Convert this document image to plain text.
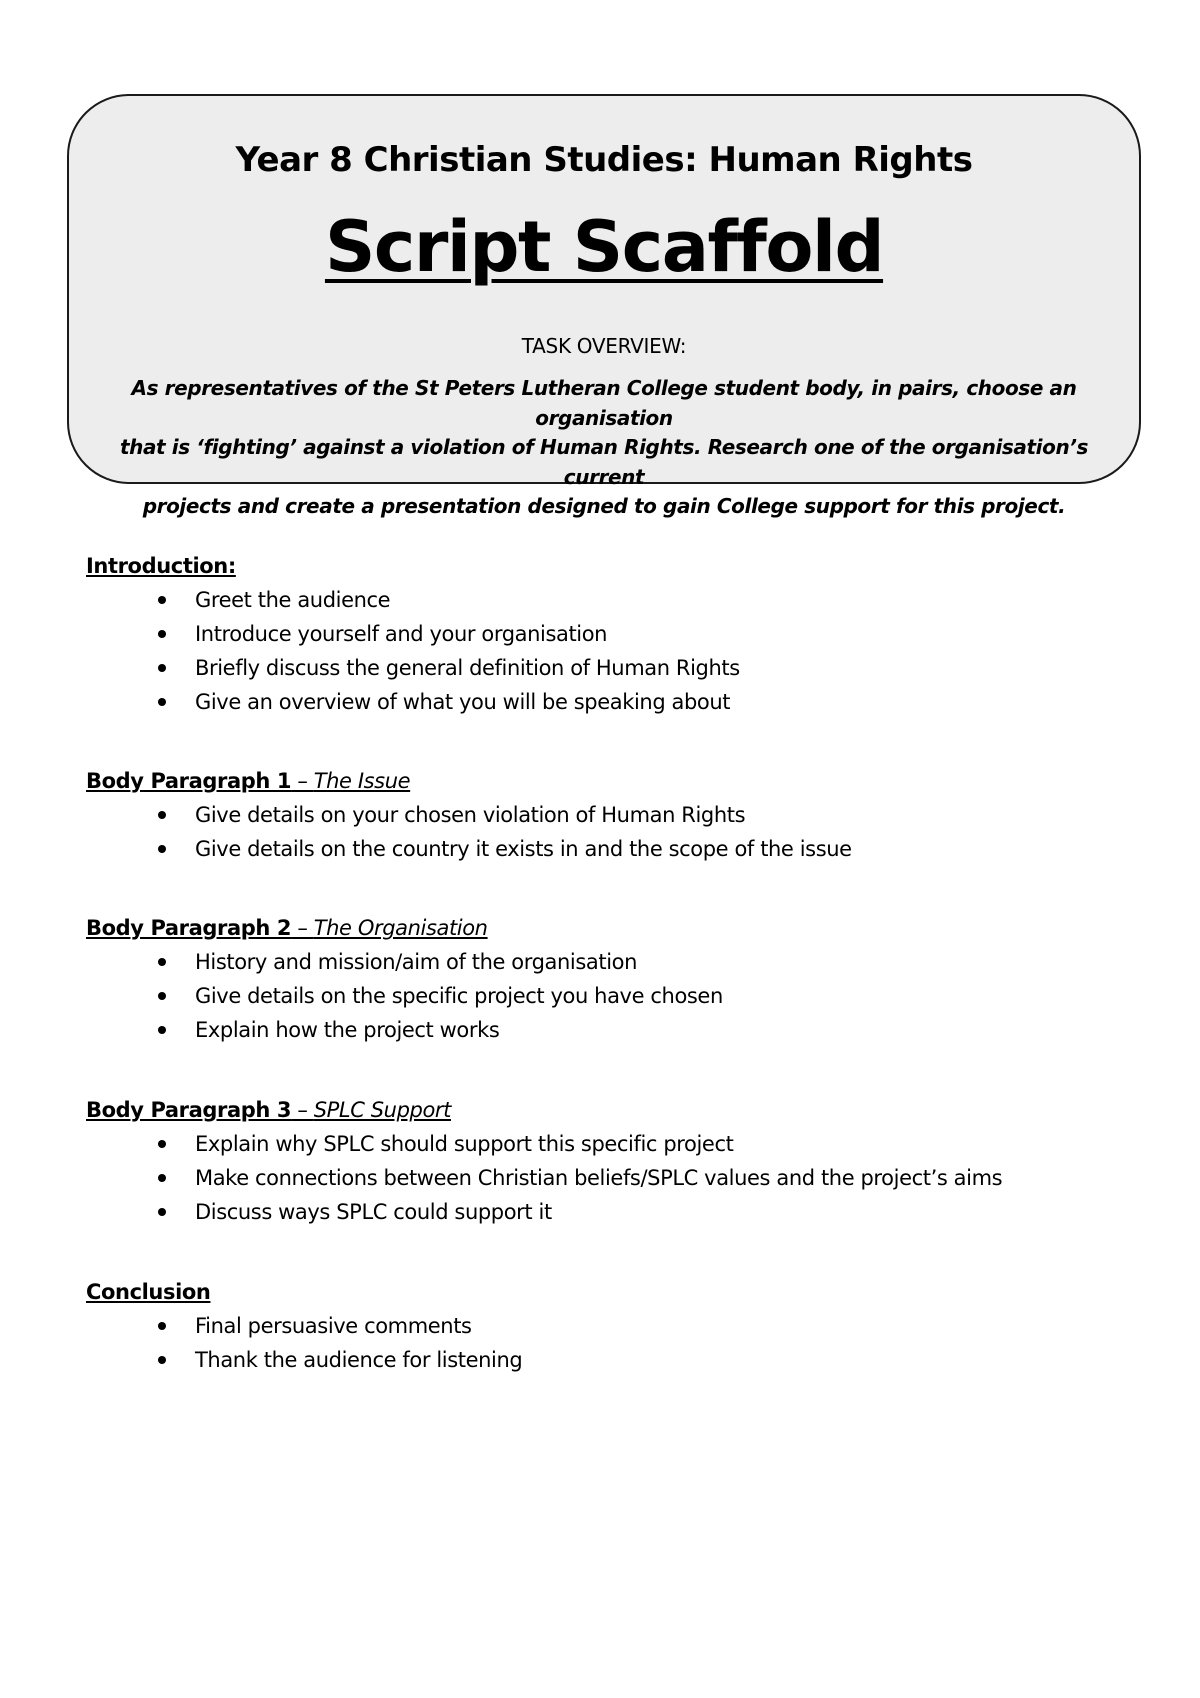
Year 8 Christian Studies: Human Rights
Script Scaffold
TASK OVERVIEW:
As representatives of the St Peters Lutheran College student body, in pairs, choose an organisation
that is ‘fighting’ against a violation of Human Rights. Research one of the organisation’s current
projects and create a presentation designed to gain College support for this project.
Introduction:
Greet the audience
Introduce yourself and your organisation
Briefly discuss the general definition of Human Rights
Give an overview of what you will be speaking about
Body Paragraph 1 – The Issue
Give details on your chosen violation of Human Rights
Give details on the country it exists in and the scope of the issue
Body Paragraph 2 – The Organisation
History and mission/aim of the organisation
Give details on the specific project you have chosen
Explain how the project works
Body Paragraph 3 – SPLC Support
Explain why SPLC should support this specific project
Make connections between Christian beliefs/SPLC values and the project’s aims
Discuss ways SPLC could support it
Conclusion
Final persuasive comments
Thank the audience for listening
